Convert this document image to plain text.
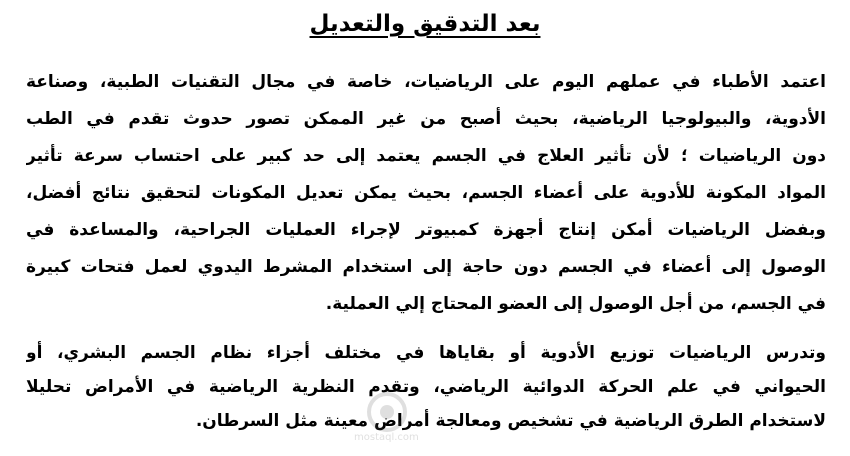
بعد التدقيق والتعديل
اعتمد الأطباء في عملهم اليوم على الرياضيات، خاصة في مجال التقنيات الطبية، وصناعة
الأدوية، والبيولوجيا الرياضية، بحيث أصبح من غير الممكن تصور حدوث تقدم في الطب
دون الرياضيات ؛ لأن تأثير العلاج في الجسم يعتمد إلى حد كبير على احتساب سرعة تأثير
المواد المكونة للأدوية على أعضاء الجسم، بحيث يمكن تعديل المكونات لتحقيق نتائج أفضل،
وبفضل الرياضيات أمكن إنتاج أجهزة كمبيوتر لإجراء العمليات الجراحية، والمساعدة في
الوصول إلى أعضاء في الجسم دون حاجة إلى استخدام المشرط اليدوي لعمل فتحات كبيرة
في الجسم، من أجل الوصول إلى العضو المحتاج إلي العملية.
وتدرس الرياضيات توزيع الأدوية أو بقاياها في مختلف أجزاء نظام الجسم البشري، أو
الحيواني في علم الحركة الدوائية الرياضي، وتقدم النظرية الرياضية في الأمراض تحليلا
لاستخدام الطرق الرياضية في تشخيص ومعالجة أمراض معينة مثل السرطان.
mostaql.com
